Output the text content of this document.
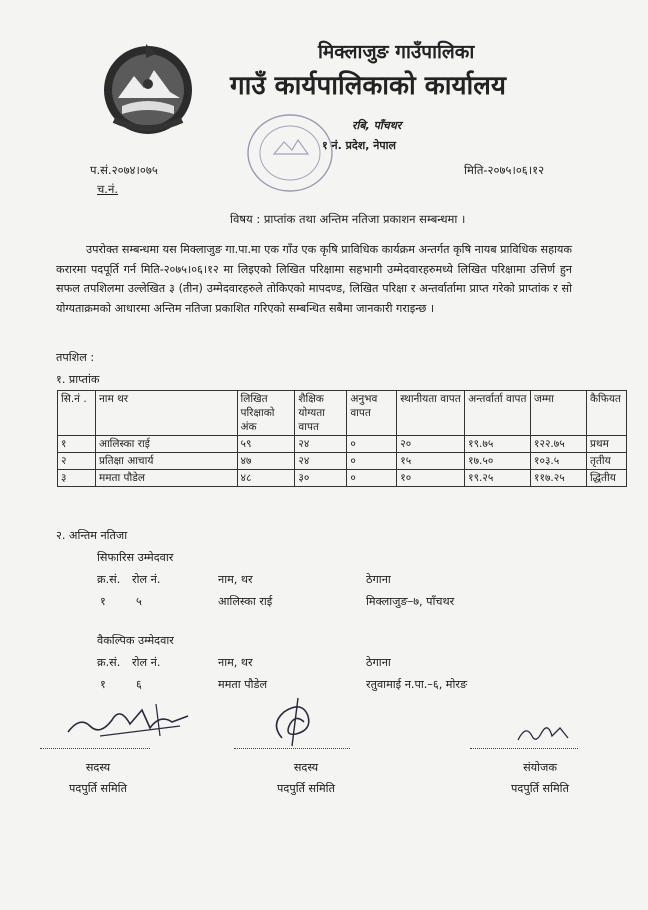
मिक्लाजुङ गाउँपालिका
गाउँ कार्यपालिकाको कार्यालय
रबि, पाँचथर
१ नं. प्रदेश, नेपाल
प.सं.२०७४।०७५
च.नं.
मिति-२०७५।०६।१२
विषय : प्राप्तांक तथा अन्तिम नतिजा प्रकाशन सम्बन्धमा ।
उपरोक्त सम्बन्धमा यस मिक्लाजुङ गा.पा.मा एक गाँउ एक कृषि प्राविधिक कार्यक्रम अन्तर्गत कृषि नायब प्राविधिक सहायक करारमा पदपूर्ति गर्न मिति-२०७५।०६।१२ मा लिइएको लिखित परिक्षामा सहभागी उम्मेदवारहरुमध्ये लिखित परिक्षामा उत्तिर्ण हुन सफल तपशिलमा उल्लेखित ३ (तीन) उम्मेदवारहरुले तोकिएको मापदण्ड, लिखित परिक्षा र अन्तर्वार्तामा प्राप्त गरेको प्राप्तांक र सो योग्यताक्रमको आधारमा अन्तिम नतिजा प्रकाशित गरिएको सम्बन्धित सबैमा जानकारी गराइन्छ ।
तपशिल :
१. प्राप्तांक
सि.नं .	नाम थर	लिखित परिक्षाको अंक	शैक्षिक योग्यता वापत	अनुभव वापत	स्थानीयता वापत	अन्तर्वार्ता वापत	जम्मा	कैफियत
१	आलिस्का राई	५९	२४	०	२०	१९.७५	१२२.७५	प्रथम
२	प्रतिक्षा आचार्य	४७	२४	०	१५	१७.५०	१०३.५	तृतीय
३	ममता पौडेल	४८	३०	०	१०	१९.२५	११७.२५	द्धितीय
२. अन्तिम नतिजा
सिफारिस उम्मेदवार
क्र.सं. रोल नं.	नाम, थर	ठेगाना
१	५	आलिस्का राई	मिक्लाजुङ–७, पाँचथर
वैकल्पिक उम्मेदवार
क्र.सं. रोल नं.	नाम, थर	ठेगाना
१	६	ममता पौडेल	रतुवामाई न.पा.–६, मोरङ
सदस्य
पदपुर्ति समिति
सदस्य
पदपुर्ति समिति
संयोजक
पदपुर्ति समिति
